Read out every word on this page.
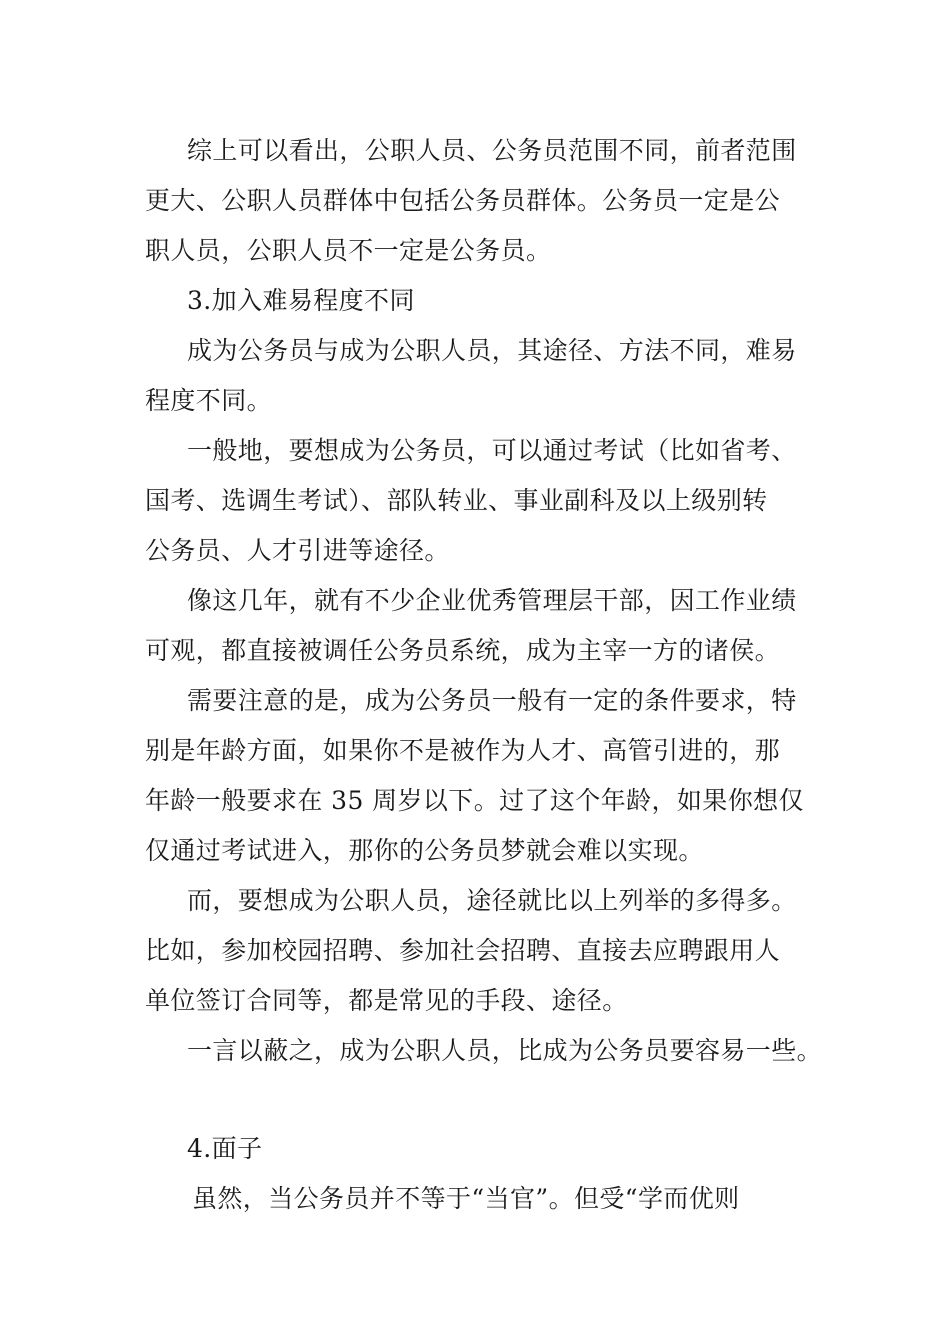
综上可以看出，公职人员、公务员范围不同，前者范围

更大、公职人员群体中包括公务员群体。公务员一定是公

职人员，公职人员不一定是公务员。

3.加入难易程度不同

成为公务员与成为公职人员，其途径、方法不同，难易

程度不同。

一般地，要想成为公务员，可以通过考试（比如省考、

国考、选调生考试）、部队转业、事业副科及以上级别转

公务员、人才引进等途径。

像这几年，就有不少企业优秀管理层干部，因工作业绩

可观，都直接被调任公务员系统，成为主宰一方的诸侯。

需要注意的是，成为公务员一般有一定的条件要求，特

别是年龄方面，如果你不是被作为人才、高管引进的，那

年龄一般要求在 35 周岁以下。过了这个年龄，如果你想仅

仅通过考试进入，那你的公务员梦就会难以实现。

而，要想成为公职人员，途径就比以上列举的多得多。

比如，参加校园招聘、参加社会招聘、直接去应聘跟用人

单位签订合同等，都是常见的手段、途径。

一言以蔽之，成为公职人员，比成为公务员要容易一些。

4.面子

虽然，当公务员并不等于“当官”。但受“学而优则
